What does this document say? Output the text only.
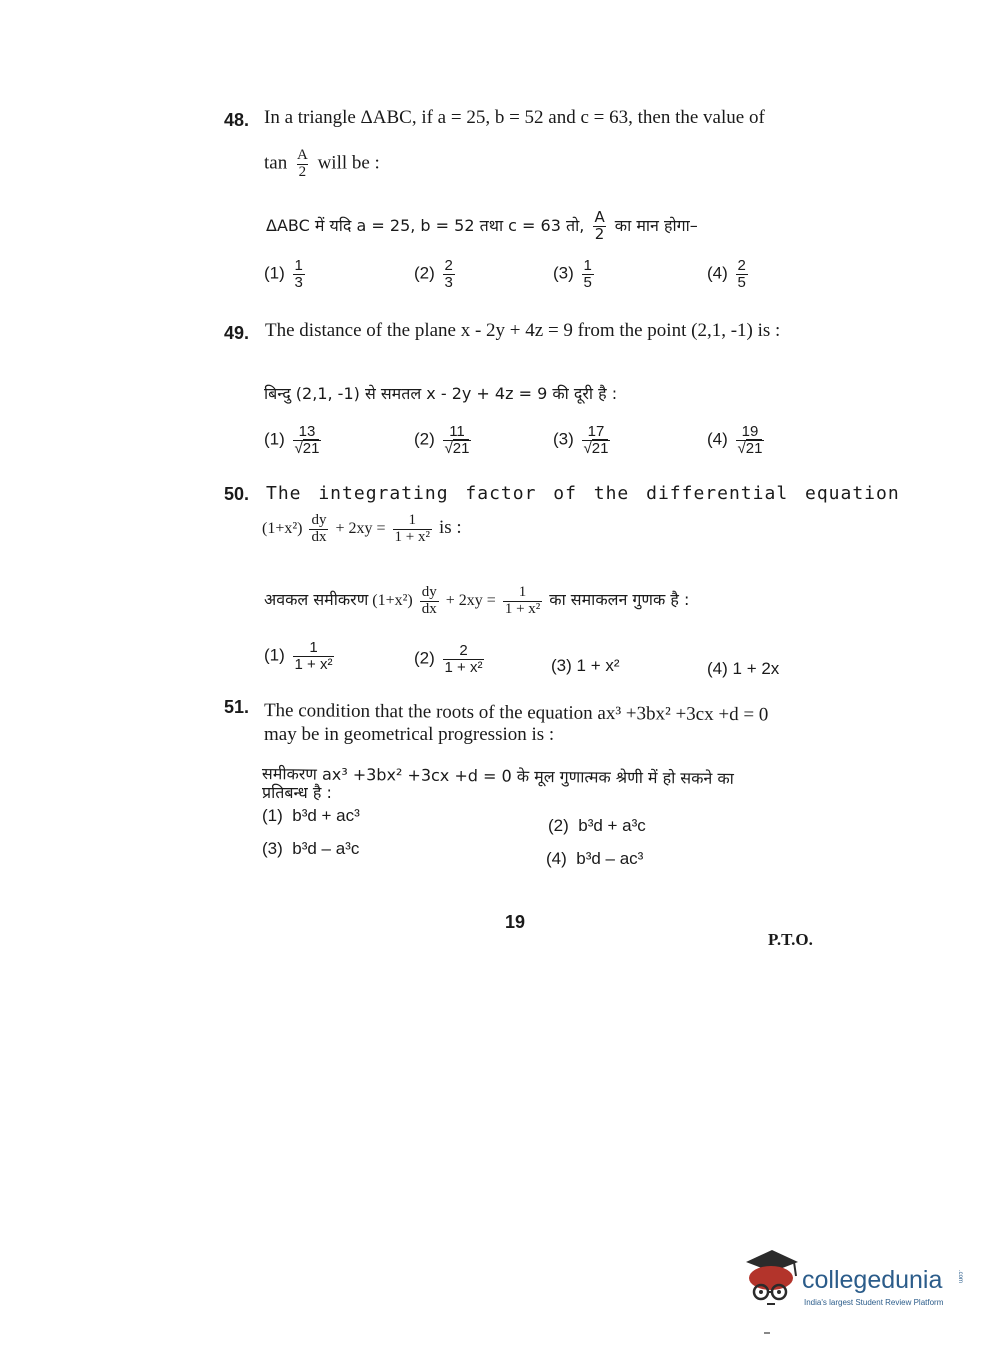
48. In a triangle ΔABC, if a = 25, b = 52 and c = 63, then the value of
$\tan \frac{A}{2}$ will be :
ΔABC में यदि a = 25, b = 52 तथा c = 63 तो, $\frac{A}{2}$ का मान होगा–
$(1) \frac{1}{3}$	$(2) \frac{2}{3}$	$(3) \frac{1}{5}$	$(4) \frac{2}{5}$
49. The distance of the plane x - 2y + 4z = 9 from the point (2,1, -1) is :
बिन्दु (2,1, -1) से समतल x - 2y + 4z = 9 की दूरी है :
$(1) \frac{13}{√21}$	$(2) \frac{11}{√21}$	$(3) \frac{17}{√21}$	$(4) \frac{19}{√21}$
50. The integrating factor of the differential equation
$(1+x^2) \frac{dy}{dx} + 2xy = \frac{1}{\text{1 + x²}}$ is :
अवकल समीकरण $(1+x^2) \frac{dy}{dx} + 2xy = \frac{1}{\text{1 + x²}}$ का समाकलन गुणक है :
$(1) \frac{1}{\text{1 + x²}}$	$(2) \frac{2}{\text{1 + x²}}$	(3) 1 + x²	(4) 1 + 2x
51. The condition that the roots of the equation ax³ +3bx² +3cx +d = 0
may be in geometrical progression is :
समीकरण ax³ +3bx² +3cx +d = 0 के मूल गुणात्मक श्रेणी में हो सकने का
प्रतिबन्ध है :
(1) b³d + ac³
(2) b³d + a³c
(3) b³d – a³c
(4) b³d – ac³
19
P.T.O.
collegedunia .com
India's largest Student Review Platform
